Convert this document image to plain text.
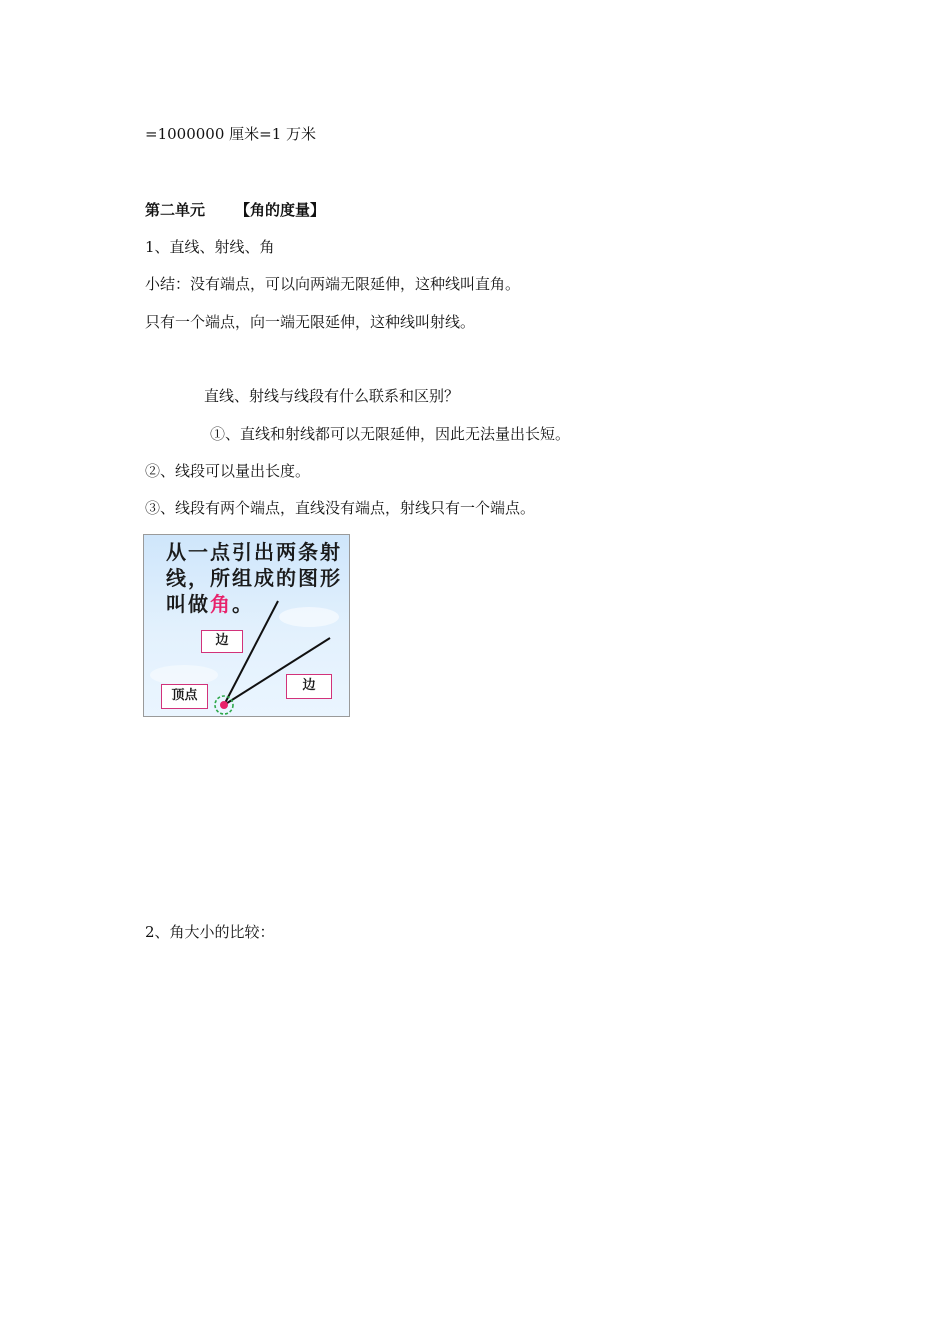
=1000000 厘米=1 万米
第二单元 【角的度量】
1、直线、射线、角
小结：没有端点，可以向两端无限延伸，这种线叫直角。
只有一个端点，向一端无限延伸，这种线叫射线。
直线、射线与线段有什么联系和区别？
①、直线和射线都可以无限延伸，因此无法量出长短。
②、线段可以量出长度。
③、线段有两个端点，直线没有端点，射线只有一个端点。
从一点引出两条射
线，所组成的图形
叫做角。
边
边
顶点
2、角大小的比较：
